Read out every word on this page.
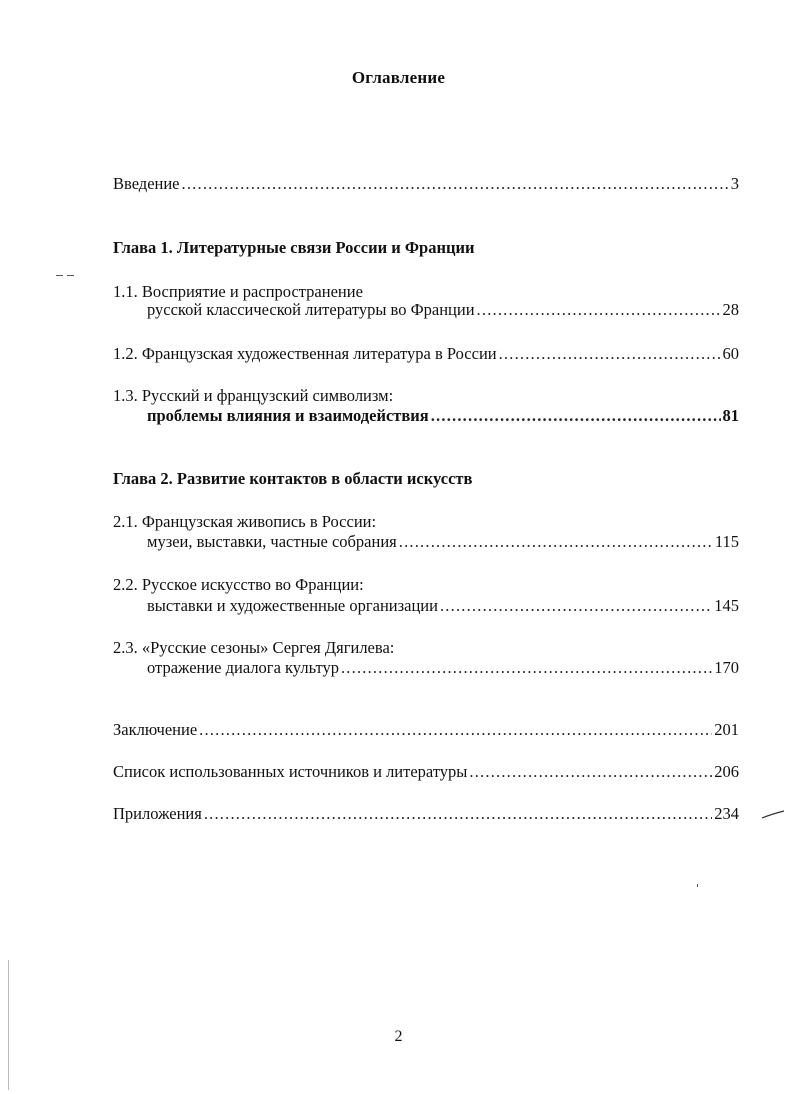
Оглавление
Введение .....	3
Глава 1. Литературные связи России и Франции
1.1. Восприятие и распространение
русской классической литературы во Франции .....	28
1.2. Французская художественная литература в России .....	60
1.3. Русский и французский символизм:
проблемы влияния и взаимодействия .....	81
Глава 2. Развитие контактов в области искусств
2.1. Французская живопись в России:
музеи, выставки, частные собрания .....	115
2.2. Русское искусство во Франции:
выставки и художественные организации .....	145
2.3. «Русские сезоны» Сергея Дягилева:
отражение диалога культур .....	170
Заключение .....	201
Список использованных источников и литературы .....	206
Приложения .....	234
2
